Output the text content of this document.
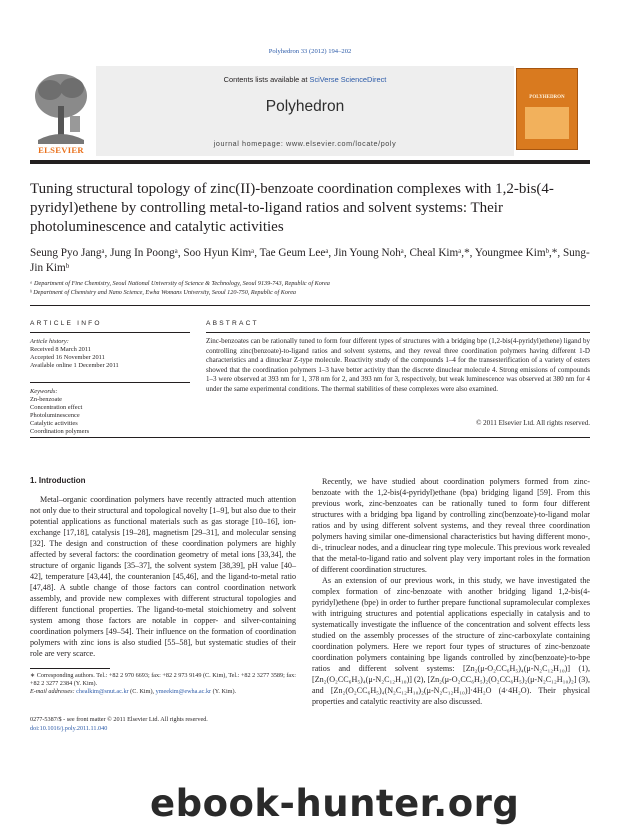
Polyhedron 33 (2012) 194–202
Contents lists available at SciVerse ScienceDirect
Polyhedron
journal homepage: www.elsevier.com/locate/poly
ELSEVIER
POLYHEDRON
Tuning structural topology of zinc(II)-benzoate coordination complexes with 1,2-bis(4-pyridyl)ethene by controlling metal-to-ligand ratios and solvent systems: Their photoluminescence and catalytic activities
Seung Pyo Jangᵃ, Jung In Poongᵃ, Soo Hyun Kimᵃ, Tae Geum Leeᵃ, Jin Young Nohᵃ, Cheal Kimᵃ,*, Youngmee Kimᵇ,*, Sung-Jin Kimᵇ
ᵃ Department of Fine Chemistry, Seoul National University of Science & Technology, Seoul 9139-743, Republic of Korea
ᵇ Department of Chemistry and Nano Science, Ewha Womans University, Seoul 120-750, Republic of Korea
ARTICLE INFO
Article history:
Received 8 March 2011
Accepted 16 November 2011
Available online 1 December 2011
Keywords:
Zn-benzoate
Concentration effect
Photoluminescence
Catalytic activities
Coordination polymers
ABSTRACT
Zinc-benzoates can be rationally tuned to form four different types of structures with a bridging bpe (1,2-bis(4-pyridyl)ethene) ligand by controlling zinc(benzoate)-to-ligand ratios and solvent systems, and they reveal three coordination polymers having different 1-D characteristics and a dinuclear Z-type molecule. Reactivity study of the compounds 1–4 for the transesterification of a variety of esters showed that the coordination polymers 1–3 have better activity than the discrete dinuclear molecule 4. Strong emissions of compounds 1–3 were observed at 393 nm for 1, 378 nm for 2, and 393 nm for 3, respectively, but weak luminescence was observed at 380 nm for 4 under the same experimental conditions. The thermal stabilities of these complexes were also examined.
© 2011 Elsevier Ltd. All rights reserved.
1. Introduction

Metal–organic coordination polymers have recently attracted much attention not only due to their structural and topological novelty [1–9], but also due to their potential applications as functional materials such as gas storage [10–16], ion-exchange [17,18], catalysis [19–28], magnetism [29–31], and molecular sensing [32]. The design and construction of these coordination polymers are highly affected by several factors: the coordination geometry of metal ions [33,34], the structure of organic ligands [35–37], the solvent system [38,39], pH value [40–42], temperature [43,44], the counteranion [45,46], and the ligand-to-metal ratio [47,48]. A subtle change of those factors can control coordination network assembly, and provide new complexes with different structural topologies and different functional properties. The ligand-to-metal stoichiometry and solvent system among those factors are notable in copper- and silver-containing coordination polymers [49–54]. Their influence on the formation of coordination polymers with zinc ions is also studied [55–58], but systematic studies of their role are very scarce.

Recently, we have studied about coordination polymers formed from zinc-benzoate with the 1,2-bis(4-pyridyl)ethane (bpa) bridging ligand [59]. From this previous work, zinc-benzoates can be rationally tuned to form four different structures with a bridging bpa ligand by controlling zinc(benzoate)-to-ligand molar ratios and by using different solvent systems, and they reveal three coordination polymers having similar one-dimensional characteristics but having different mono-, di-, trinuclear nodes, and a dinuclear ring type molecule. This previous work revealed that the metal-to-ligand ratio and solvent play very important roles in the formation of different coordination structures.

As an extension of our previous work, in this study, we have investigated the complex formation of zinc-benzoate with another bridging ligand 1,2-bis(4-pyridyl)ethene (bpe) in order to further prepare functional supramolecular complexes with intriguing structures and potential applications especially in catalysis and to systematically investigate the influence of the concentration and solvent effects less studied on the assembly processes of the structure of zinc-carboxylate containing coordination polymers. Here we report four types of structures of zinc-benzoate coordination polymers containing bpe ligands controlled by zinc(benzoate)-to-bpe ratios and different solvent systems: [Zn₂(μ-O₂CC₆H₅)₄(μ-N₂C₁₂H₁₀)] (1), [Zn₂(O₂CC₆H₅)₄(μ-N₂C₁₂H₁₀)] (2), [Zn₂(μ-O₂CC₆H₅)₂(O₂CC₆H₅)₂(μ-N₂C₁₂H₁₀)₂] (3), and [Zn₂(O₂CC₆H₅)₄(N₂C₁₂H₁₀)₂(μ-N₂C₁₂H₁₀)]·4H₂O (4·4H₂O). Their physical properties and catalytic reactivity are also discussed.

∗ Corresponding authors. Tel.: +82 2 970 6693; fax: +82 2 973 9149 (C. Kim), Tel.: +82 2 3277 3589; fax: +82 2 3277 2384 (Y. Kim).
E-mail addresses: chealkim@snut.ac.kr (C. Kim), ymeekim@ewha.ac.kr (Y. Kim).
0277-5387/$ - see front matter © 2011 Elsevier Ltd. All rights reserved.
doi:10.1016/j.poly.2011.11.040
ebook-hunter.org
